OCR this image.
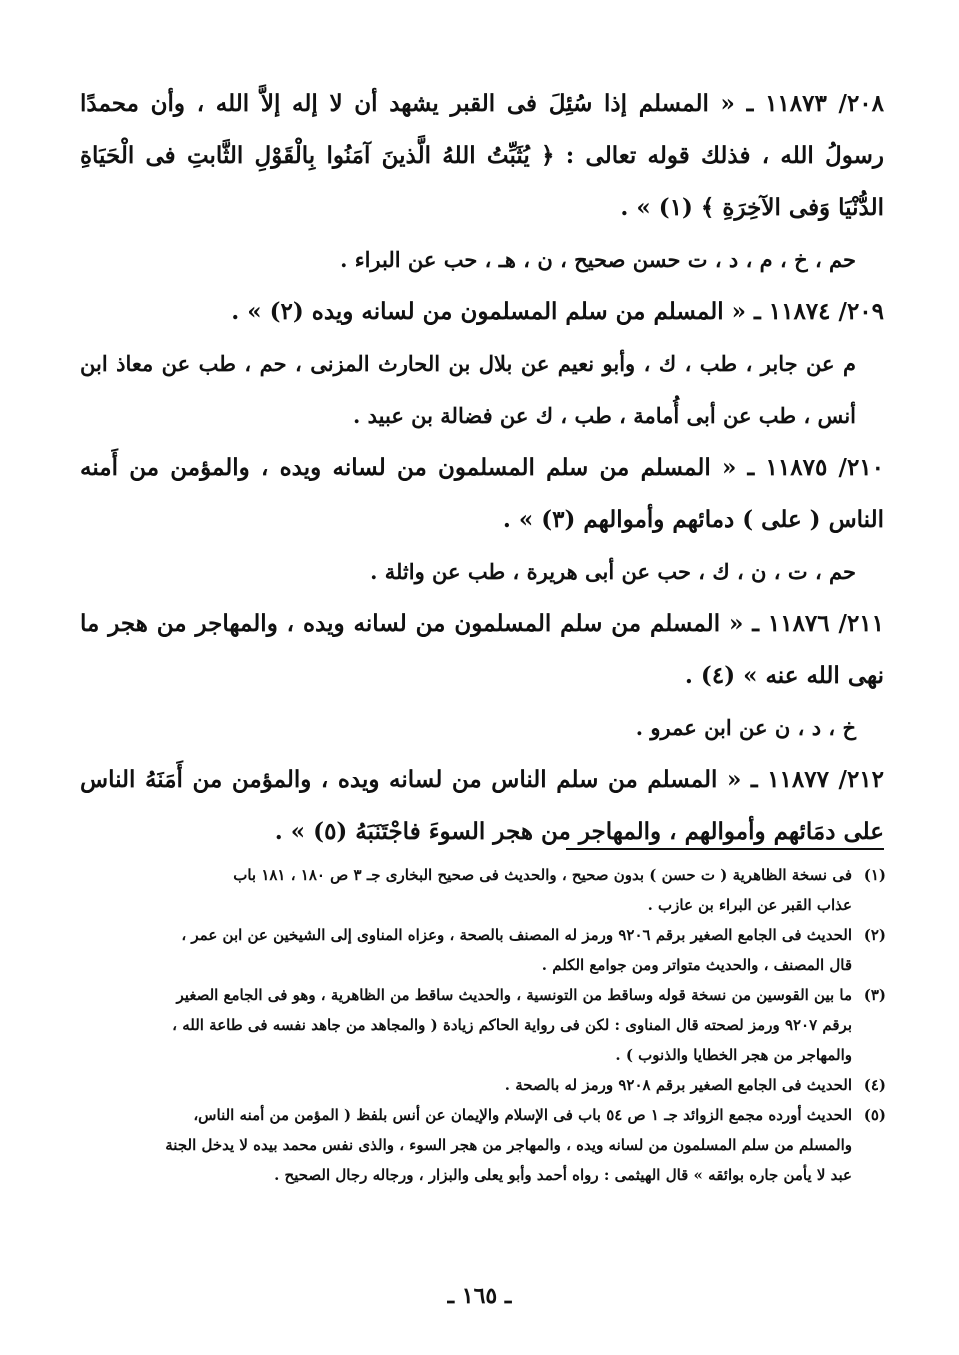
٢٠٨/ ١١٨٧٣ ـ « المسلم إذا سُئِلَ فى القبر يشهد أن لا إله إلاَّ الله ، وأن محمدًا رسولُ الله ، فذلك قوله تعالى : ﴿ يُثَبِّتُ اللهُ الَّذينَ آمَنُوا بِالْقَوْلِ الثَّابتِ فى الْحَيَاةِ الدُّنْيَا وَفى الآخِرَةِ ﴾ (١) » .
حم ، خ ، م ، د ، ت حسن صحيح ، ن ، هـ ، حب عن البراء .
٢٠٩/ ١١٨٧٤ ـ « المسلم من سلم المسلمون من لسانه ويده (٢) » .
م عن جابر ، طب ، ك ، وأبو نعيم عن بلال بن الحارث المزنى ، حم ، طب عن معاذ ابن أنس ، طب عن أبى أُمامة ، طب ، ك عن فضالة بن عبيد .
٢١٠/ ١١٨٧٥ ـ « المسلم من سلم المسلمون من لسانه ويده ، والمؤمن من أَمنه الناس ( على ) دمائهم وأموالهم (٣) » .
حم ، ت ، ن ، ك ، حب عن أبى هريرة ، طب عن واثلة .
٢١١/ ١١٨٧٦ ـ « المسلم من سلم المسلمون من لسانه ويده ، والمهاجر من هجر ما نهى الله عنه » (٤) .
خ ، د ، ن عن ابن عمرو .
٢١٢/ ١١٨٧٧ ـ « المسلم من سلم الناس من لسانه ويده ، والمؤمن من أَمَنَهُ الناس على دمَائهم وأموالهم ، والمهاجر من هجر السوءَ فاجْتَنَبَهُ (٥) » .
(١)
فى نسخة الظاهرية ( ت حسن ) بدون صحيح ، والحديث فى صحيح البخارى جـ ٣ ص ١٨٠ ، ١٨١ باب
عذاب القبر عن البراء بن عازب .
(٢)
الحديث فى الجامع الصغير برقم ٩٢٠٦ ورمز له المصنف بالصحة ، وعزاه المناوى إلى الشيخين عن ابن عمر ،
قال المصنف ، والحديث متواتر ومن جوامع الكلم .
(٣)
ما بين القوسين من نسخة قوله وساقط من التونسية ، والحديث ساقط من الظاهرية ، وهو فى الجامع الصغير
برقم ٩٢٠٧ ورمز لصحته قال المناوى : لكن فى رواية الحاكم زيادة ( والمجاهد من جاهد نفسه فى طاعة الله ،
والمهاجر من هجر الخطايا والذنوب ) .
(٤)
الحديث فى الجامع الصغير برقم ٩٢٠٨ ورمز له بالصحة .
(٥)
الحديث أورده مجمع الزوائد جـ ١ ص ٥٤ باب فى الإسلام والإيمان عن أنس بلفظ ( المؤمن من أمنه الناس،
والمسلم من سلم المسلمون من لسانه ويده ، والمهاجر من هجر السوء ، والذى نفس محمد بيده لا يدخل الجنة
عبد لا يأمن جاره بوائقه » قال الهيثمى : رواه أحمد وأبو يعلى والبزار ، ورجاله رجال الصحيح .
ـ ١٦٥ ـ
